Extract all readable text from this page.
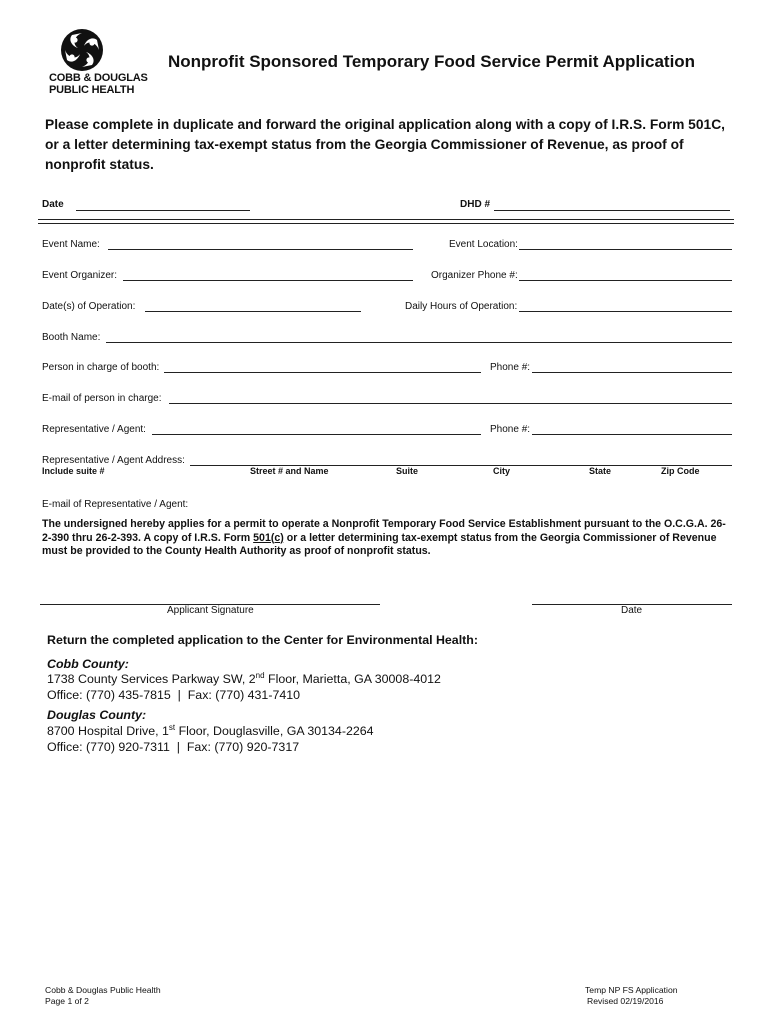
COBB & DOUGLAS
PUBLIC HEALTH
Nonprofit Sponsored Temporary Food Service Permit Application
Please complete in duplicate and forward the original application along with a copy of I.R.S. Form 501C, or a letter determining tax-exempt status from the Georgia Commissioner of Revenue, as proof of nonprofit status.
Date	DHD #
Event Name:	Event Location:
Event Organizer:	Organizer Phone #:
Date(s) of Operation:	Daily Hours of Operation:
Booth Name:
Person in charge of booth:	Phone #:
E-mail of person in charge:
Representative / Agent:	Phone #:
Representative / Agent Address:
Include suite #	Street # and Name	Suite	City	State	Zip Code
E-mail of Representative / Agent:
The undersigned hereby applies for a permit to operate a Nonprofit Temporary Food Service Establishment pursuant to the O.C.G.A. 26-2-390 thru 26-2-393. A copy of I.R.S. Form 501(c) or a letter determining tax-exempt status from the Georgia Commissioner of Revenue must be provided to the County Health Authority as proof of nonprofit status.
Applicant Signature	Date
Return the completed application to the Center for Environmental Health:
Cobb County:
1738 County Services Parkway SW, 2nd Floor, Marietta, GA 30008-4012
Office: (770) 435-7815  |  Fax: (770) 431-7410
Douglas County:
8700 Hospital Drive, 1st Floor, Douglasville, GA 30134-2264
Office: (770) 920-7311  |  Fax: (770) 920-7317
Cobb & Douglas Public Health
Page 1 of 2
Temp NP FS Application
Revised 02/19/2016
